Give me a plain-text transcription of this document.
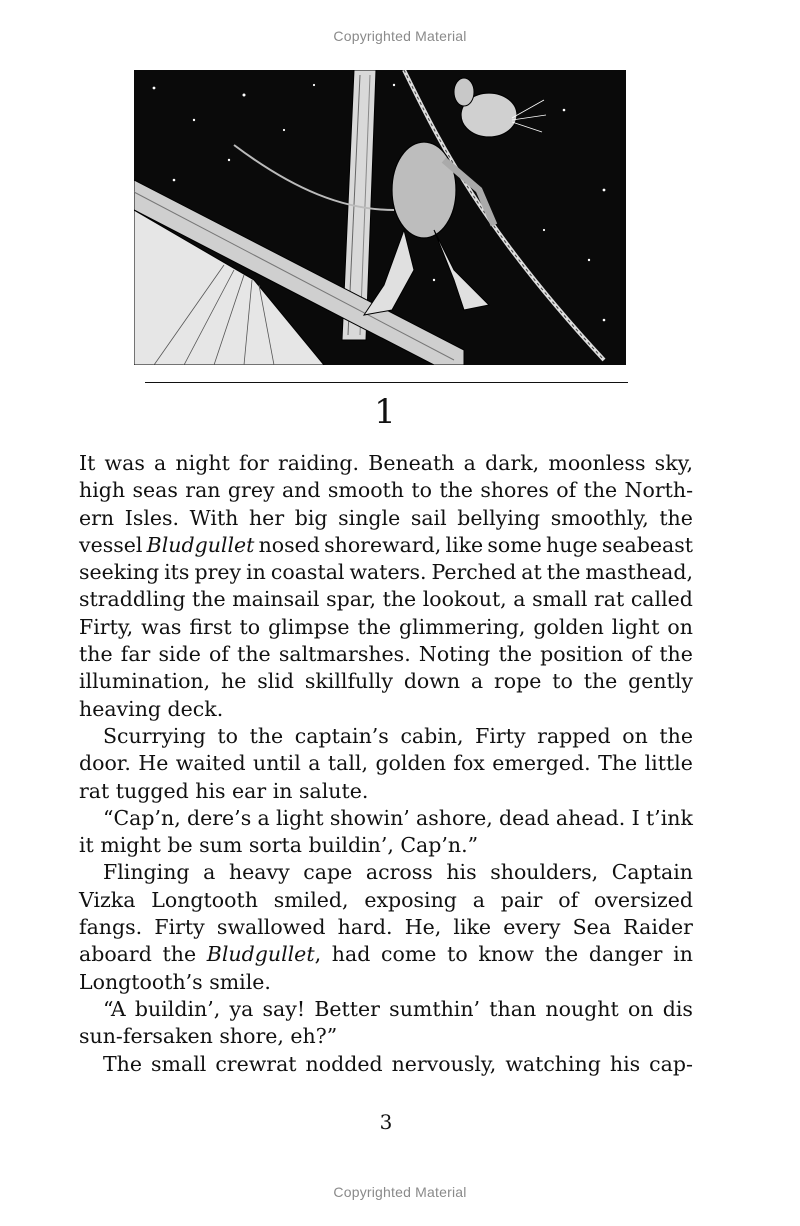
Copyrighted Material
1
It was a night for raiding. Beneath a dark, moonless sky,
high seas ran grey and smooth to the shores of the North-
ern Isles. With her big single sail bellying smoothly, the
vessel Bludgullet nosed shoreward, like some huge seabeast
seeking its prey in coastal waters. Perched at the masthead,
straddling the mainsail spar, the lookout, a small rat called
Firty, was first to glimpse the glimmering, golden light on
the far side of the saltmarshes. Noting the position of the
illumination, he slid skillfully down a rope to the gently
heaving deck.
Scurrying to the captain’s cabin, Firty rapped on the
door. He waited until a tall, golden fox emerged. The little
rat tugged his ear in salute.
“Cap’n, dere’s a light showin’ ashore, dead ahead. I t’ink
it might be sum sorta buildin’, Cap’n.”
Flinging a heavy cape across his shoulders, Captain
Vizka Longtooth smiled, exposing a pair of oversized
fangs. Firty swallowed hard. He, like every Sea Raider
aboard the Bludgullet, had come to know the danger in
Longtooth’s smile.
“A buildin’, ya say! Better sumthin’ than nought on dis
sun-fersaken shore, eh?”
The small crewrat nodded nervously, watching his cap-
3
Copyrighted Material
